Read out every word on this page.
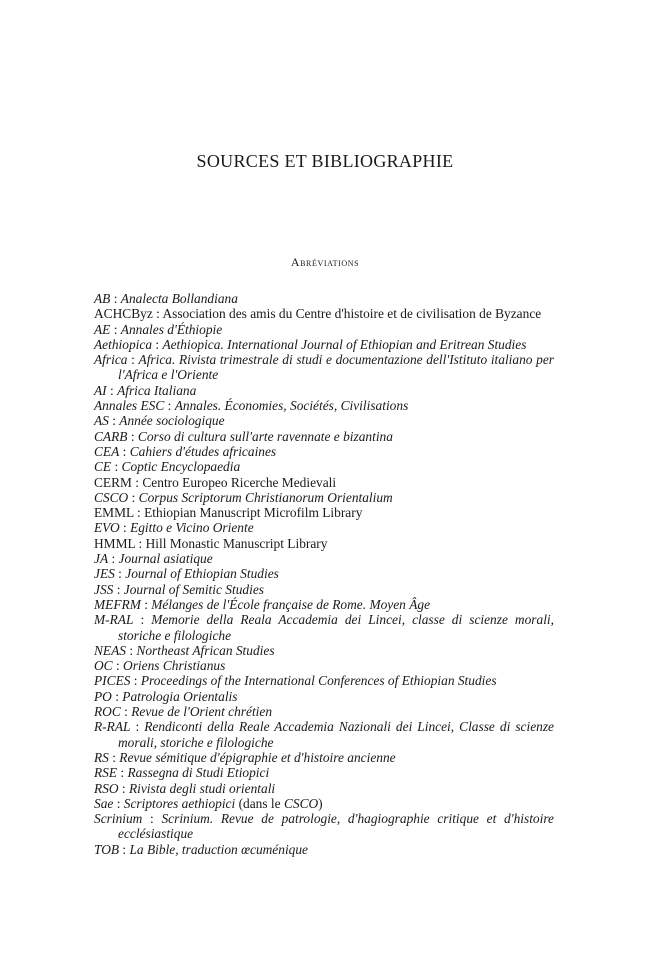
SOURCES ET BIBLIOGRAPHIE
Abréviations
AB : Analecta Bollandiana
ACHCByz : Association des amis du Centre d'histoire et de civilisation de Byzance
AE : Annales d'Éthiopie
Aethiopica : Aethiopica. International Journal of Ethiopian and Eritrean Studies
Africa : Africa. Rivista trimestrale di studi e documentazione dell'Istituto italiano per l'Africa e l'Oriente
AI : Africa Italiana
Annales ESC : Annales. Économies, Sociétés, Civilisations
AS : Année sociologique
CARB : Corso di cultura sull'arte ravennate e bizantina
CEA : Cahiers d'études africaines
CE : Coptic Encyclopaedia
CERM : Centro Europeo Ricerche Medievali
CSCO : Corpus Scriptorum Christianorum Orientalium
EMML : Ethiopian Manuscript Microfilm Library
EVO : Egitto e Vicino Oriente
HMML : Hill Monastic Manuscript Library
JA : Journal asiatique
JES : Journal of Ethiopian Studies
JSS : Journal of Semitic Studies
MEFRM : Mélanges de l'École française de Rome. Moyen Âge
M-RAL : Memorie della Reala Accademia dei Lincei, classe di scienze morali, storiche e filologiche
NEAS : Northeast African Studies
OC : Oriens Christianus
PICES : Proceedings of the International Conferences of Ethiopian Studies
PO : Patrologia Orientalis
ROC : Revue de l'Orient chrétien
R-RAL : Rendiconti della Reale Accademia Nazionali dei Lincei, Classe di scienze morali, storiche e filologiche
RS : Revue sémitique d'épigraphie et d'histoire ancienne
RSE : Rassegna di Studi Etiopici
RSO : Rivista degli studi orientali
Sae : Scriptores aethiopici (dans le CSCO)
Scrinium : Scrinium. Revue de patrologie, d'hagiographie critique et d'histoire ecclésiastique
TOB : La Bible, traduction œcuménique
